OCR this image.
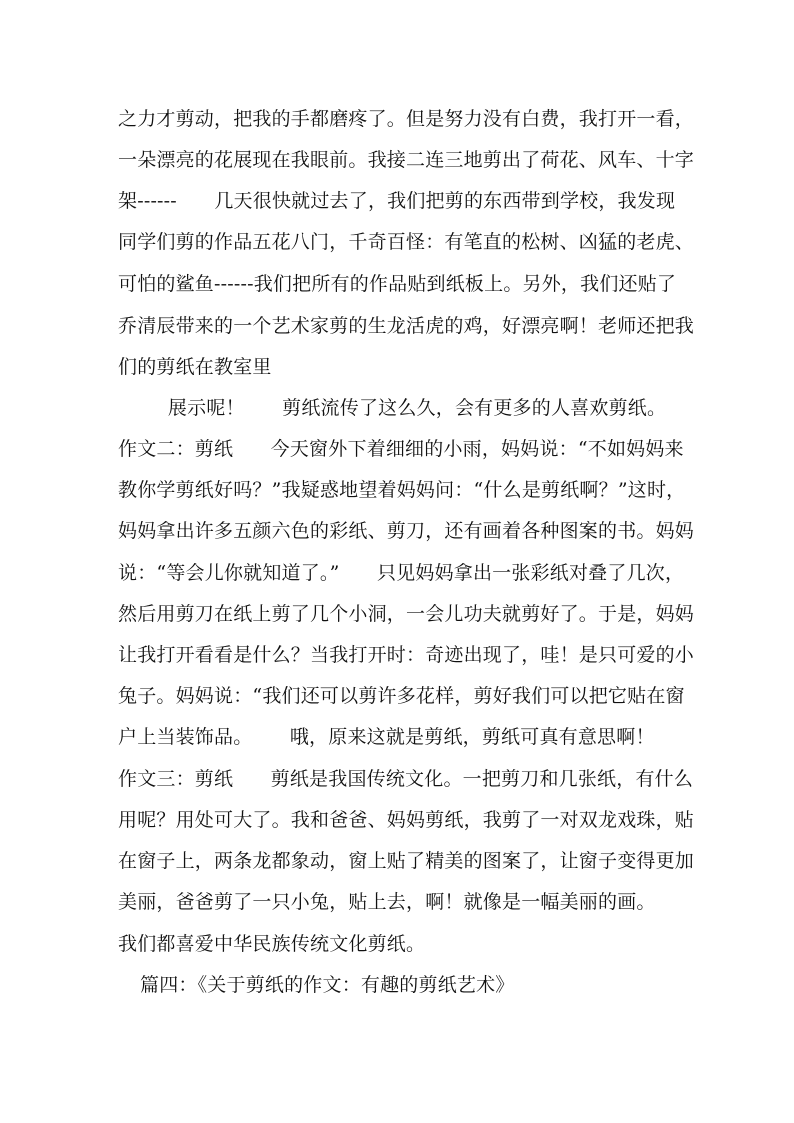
之力才剪动，把我的手都磨疼了。但是努力没有白费，我打开一看，
一朵漂亮的花展现在我眼前。我接二连三地剪出了荷花、风车、十字
架------      几天很快就过去了，我们把剪的东西带到学校，我发现
同学们剪的作品五花八门，千奇百怪：有笔直的松树、凶猛的老虎、
可怕的鲨鱼------我们把所有的作品贴到纸板上。另外，我们还贴了
乔清辰带来的一个艺术家剪的生龙活虎的鸡，好漂亮啊！老师还把我
们的剪纸在教室里
展示呢！      剪纸流传了这么久，会有更多的人喜欢剪纸。
作文二：剪纸      今天窗外下着细细的小雨，妈妈说：“不如妈妈来
教你学剪纸好吗？”我疑惑地望着妈妈问：“什么是剪纸啊？”这时，
妈妈拿出许多五颜六色的彩纸、剪刀，还有画着各种图案的书。妈妈
说：“等会儿你就知道了。”      只见妈妈拿出一张彩纸对叠了几次，
然后用剪刀在纸上剪了几个小洞，一会儿功夫就剪好了。于是，妈妈
让我打开看看是什么？当我打开时：奇迹出现了，哇！是只可爱的小
兔子。妈妈说：“我们还可以剪许多花样，剪好我们可以把它贴在窗
户上当装饰品。      哦，原来这就是剪纸，剪纸可真有意思啊！
作文三：剪纸      剪纸是我国传统文化。一把剪刀和几张纸，有什么
用呢？用处可大了。我和爸爸、妈妈剪纸，我剪了一对双龙戏珠，贴
在窗子上，两条龙都象动，窗上贴了精美的图案了，让窗子变得更加
美丽，爸爸剪了一只小兔，贴上去，啊！就像是一幅美丽的画。
我们都喜爱中华民族传统文化剪纸。
篇四：《关于剪纸的作文：有趣的剪纸艺术》
